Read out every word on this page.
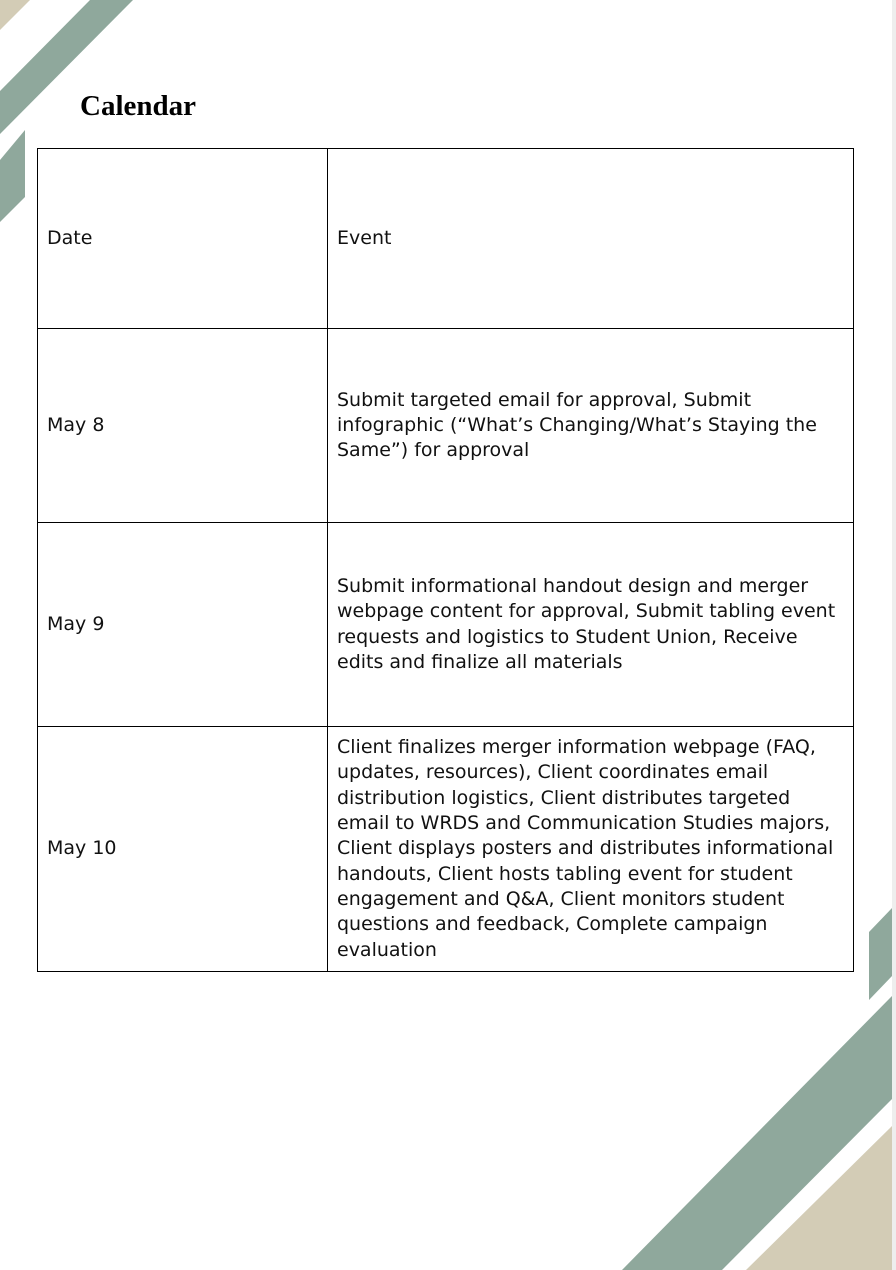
Calendar
Date	Event
May 8	Submit targeted email for approval, Submit infographic (“What’s Changing/What’s Staying the Same”) for approval
May 9	Submit informational handout design and merger webpage content for approval, Submit tabling event requests and logistics to Student Union, Receive edits and finalize all materials
May 10	Client finalizes merger information webpage (FAQ, updates, resources), Client coordinates email distribution logistics, Client distributes targeted email to WRDS and Communication Studies majors, Client displays posters and distributes informational handouts, Client hosts tabling event for student engagement and Q&A, Client monitors student questions and feedback, Complete campaign evaluation
